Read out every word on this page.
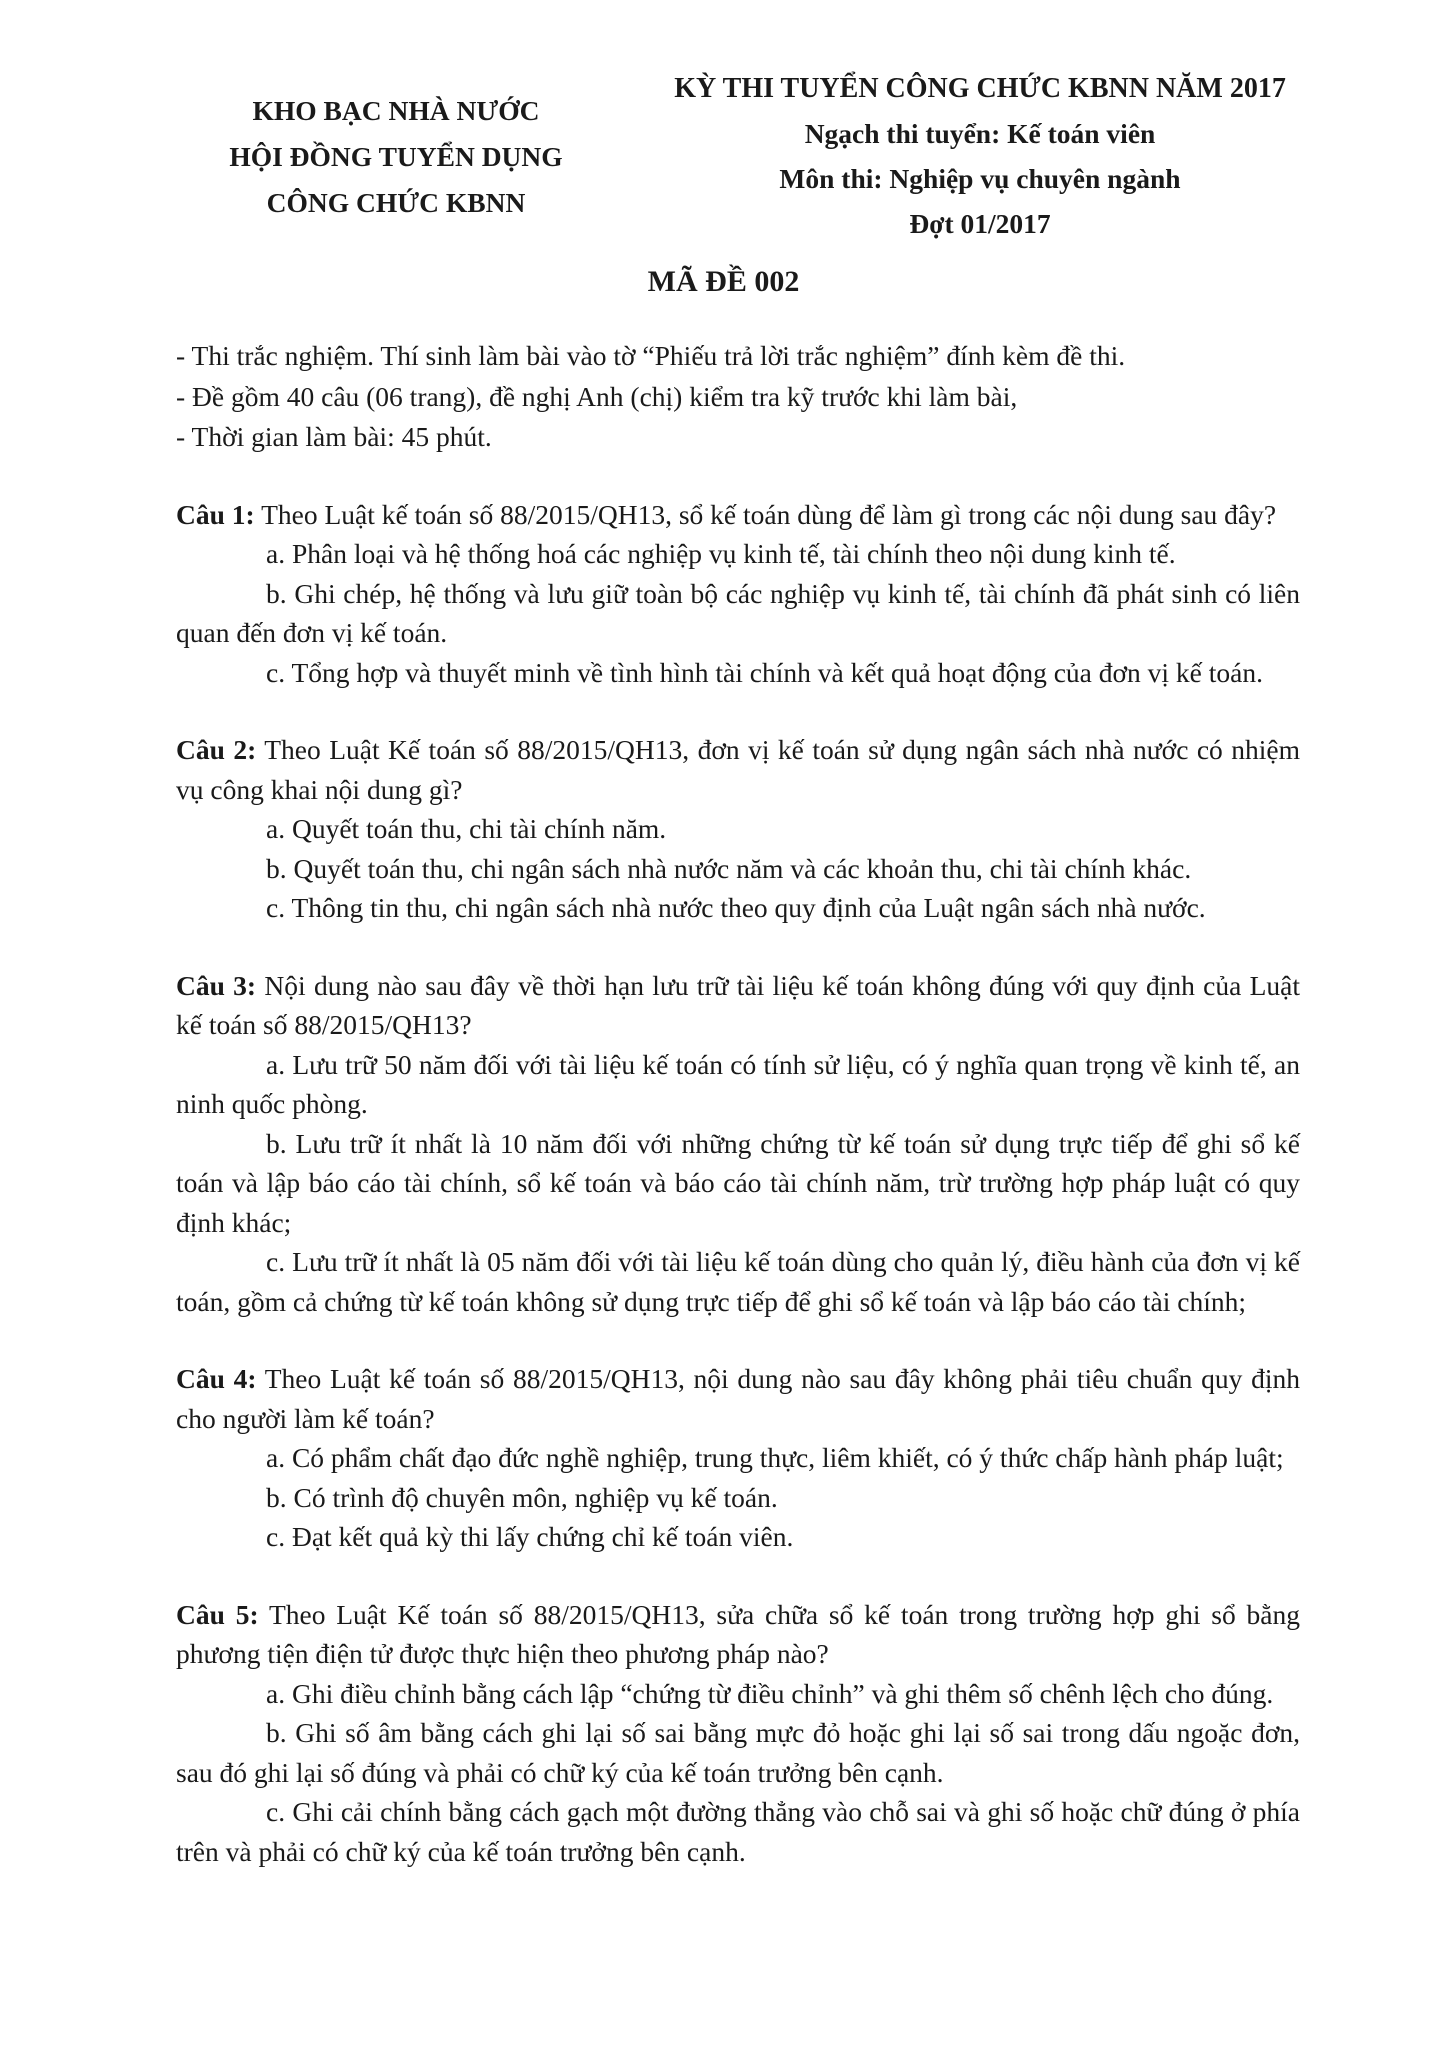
KHO BẠC NHÀ NƯỚC
HỘI ĐỒNG TUYỂN DỤNG
CÔNG CHỨC KBNN
KỲ THI TUYỂN CÔNG CHỨC KBNN NĂM 2017
Ngạch thi tuyển: Kế toán viên
Môn thi: Nghiệp vụ chuyên ngành
Đợt 01/2017
MÃ ĐỀ 002

- Thi trắc nghiệm. Thí sinh làm bài vào tờ “Phiếu trả lời trắc nghiệm” đính kèm đề thi.

- Đề gồm 40 câu (06 trang), đề nghị Anh (chị) kiểm tra kỹ trước khi làm bài,

- Thời gian làm bài: 45 phút.

Câu 1: Theo Luật kế toán số 88/2015/QH13, sổ kế toán dùng để làm gì trong các nội dung sau đây?

a. Phân loại và hệ thống hoá các nghiệp vụ kinh tế, tài chính theo nội dung kinh tế.

b. Ghi chép, hệ thống và lưu giữ toàn bộ các nghiệp vụ kinh tế, tài chính đã phát sinh có liên quan đến đơn vị kế toán.

c. Tổng hợp và thuyết minh về tình hình tài chính và kết quả hoạt động của đơn vị kế toán.

Câu 2: Theo Luật Kế toán số 88/2015/QH13, đơn vị kế toán sử dụng ngân sách nhà nước có nhiệm vụ công khai nội dung gì?

a. Quyết toán thu, chi tài chính năm.

b. Quyết toán thu, chi ngân sách nhà nước năm và các khoản thu, chi tài chính khác.

c. Thông tin thu, chi ngân sách nhà nước theo quy định của Luật ngân sách nhà nước.

Câu 3: Nội dung nào sau đây về thời hạn lưu trữ tài liệu kế toán không đúng với quy định của Luật kế toán số 88/2015/QH13?

a. Lưu trữ 50 năm đối với tài liệu kế toán có tính sử liệu, có ý nghĩa quan trọng về kinh tế, an ninh quốc phòng.

b. Lưu trữ ít nhất là 10 năm đối với những chứng từ kế toán sử dụng trực tiếp để ghi sổ kế toán và lập báo cáo tài chính, sổ kế toán và báo cáo tài chính năm, trừ trường hợp pháp luật có quy định khác;

c. Lưu trữ ít nhất là 05 năm đối với tài liệu kế toán dùng cho quản lý, điều hành của đơn vị kế toán, gồm cả chứng từ kế toán không sử dụng trực tiếp để ghi sổ kế toán và lập báo cáo tài chính;

Câu 4: Theo Luật kế toán số 88/2015/QH13, nội dung nào sau đây không phải tiêu chuẩn quy định cho người làm kế toán?

a. Có phẩm chất đạo đức nghề nghiệp, trung thực, liêm khiết, có ý thức chấp hành pháp luật;

b. Có trình độ chuyên môn, nghiệp vụ kế toán.

c. Đạt kết quả kỳ thi lấy chứng chỉ kế toán viên.

Câu 5: Theo Luật Kế toán số 88/2015/QH13, sửa chữa sổ kế toán trong trường hợp ghi sổ bằng phương tiện điện tử được thực hiện theo phương pháp nào?

a. Ghi điều chỉnh bằng cách lập “chứng từ điều chỉnh” và ghi thêm số chênh lệch cho đúng.

b. Ghi số âm bằng cách ghi lại số sai bằng mực đỏ hoặc ghi lại số sai trong dấu ngoặc đơn, sau đó ghi lại số đúng và phải có chữ ký của kế toán trưởng bên cạnh.

c. Ghi cải chính bằng cách gạch một đường thẳng vào chỗ sai và ghi số hoặc chữ đúng ở phía trên và phải có chữ ký của kế toán trưởng bên cạnh.
